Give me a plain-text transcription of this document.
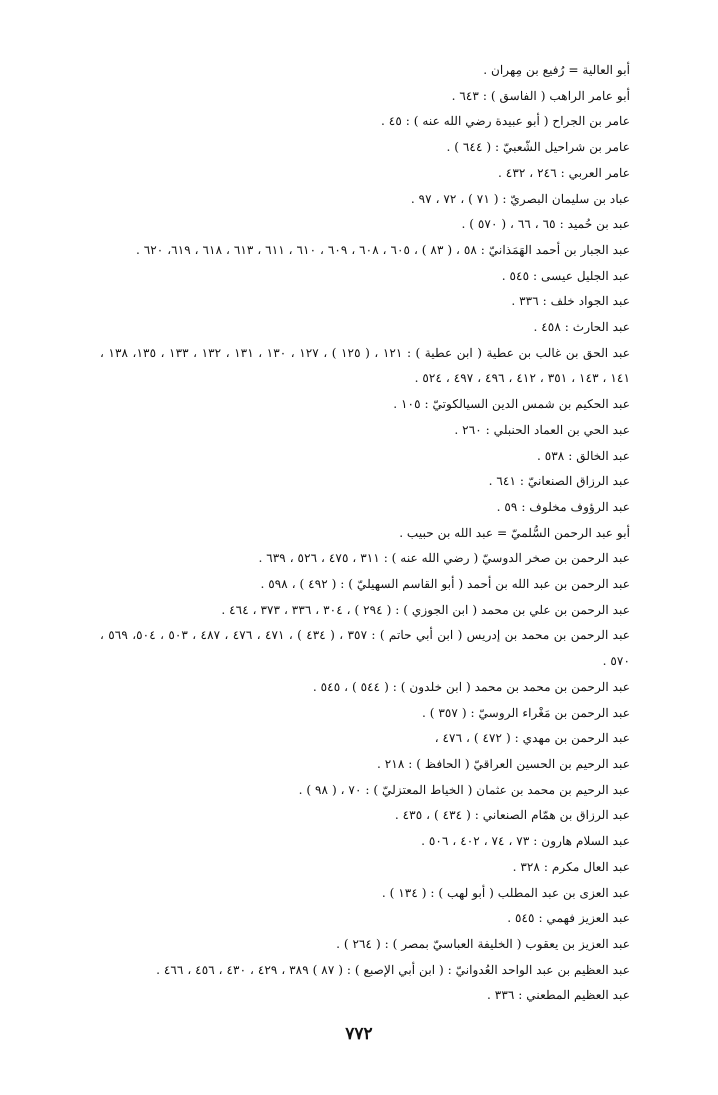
أبو العالية = رُفيع بن مِهران .
أبو عامر الراهب ( الفاسق ) : ٦٤٣ .
عامر بن الجراح ( أبو عبيدة رضي الله عنه ) : ٤٥ .
عامر بن شراحيل الشّعبيّ : ( ٦٤٤ ) .
عامر العربي : ٢٤٦ ، ٤٣٢ .
عباد بن سليمان البصريّ : ( ٧١ ) ، ٧٢ ، ٩٧ .
عبد بن حُميد : ٦٥ ، ٦٦ ، ( ٥٧٠ ) .
عبد الجبار بن أحمد الهَمَذانيّ : ٥٨ ، ( ٨٣ ) ، ٦٠٥ ، ٦٠٨ ، ٦٠٩ ، ٦١٠ ، ٦١١ ، ٦١٣ ، ٦١٨ ، ٦١٩، ٦٢٠ .
عبد الجليل عيسى : ٥٤٥ .
عبد الجواد خلف : ٣٣٦ .
عبد الحارث : ٤٥٨ .
عبد الحق بن غالب بن عطية ( ابن عطية ) : ١٢١ ، ( ١٢٥ ) ، ١٢٧ ، ١٣٠ ، ١٣١ ، ١٣٢ ، ١٣٣ ، ١٣٥، ١٣٨ ، ١٤١ ، ١٤٣ ، ٣٥١ ، ٤١٢ ، ٤٩٦ ، ٤٩٧ ، ٥٢٤ .
عبد الحكيم بن شمس الدين السيالكوتيّ : ١٠٥ .
عبد الحي بن العماد الحنبلي : ٢٦٠ .
عبد الخالق : ٥٣٨ .
عبد الرزاق الصنعانيّ : ٦٤١ .
عبد الرؤوف مخلوف : ٥٩ .
أبو عبد الرحمن السُّلميّ = عبد الله بن حبيب .
عبد الرحمن بن صخر الدوسيّ ( رضي الله عنه ) : ٣١١ ، ٤٧٥ ، ٥٢٦ ، ٦٣٩ .
عبد الرحمن بن عبد الله بن أحمد ( أبو القاسم السهيليّ ) : ( ٤٩٢ ) ، ٥٩٨ .
عبد الرحمن بن علي بن محمد ( ابن الجوزي ) : ( ٢٩٤ ) ، ٣٠٤ ، ٣٣٦ ، ٣٧٣ ، ٤٦٤ .
عبد الرحمن بن محمد بن إدريس ( ابن أبي حاتم ) : ٣٥٧ ، ( ٤٣٤ ) ، ٤٧١ ، ٤٧٦ ، ٤٨٧ ، ٥٠٣ ، ٥٠٤، ٥٦٩ ، ٥٧٠ .
عبد الرحمن بن محمد بن محمد ( ابن خلدون ) : ( ٥٤٤ ) ، ٥٤٥ .
عبد الرحمن بن مَغْراء الروسيّ : ( ٣٥٧ ) .
عبد الرحمن بن مهدي : ( ٤٧٢ ) ، ٤٧٦ ،
عبد الرحيم بن الحسين العراقيّ ( الحافظ ) : ٢١٨ .
عبد الرحيم بن محمد بن عثمان ( الخياط المعتزليّ ) : ٧٠ ، ( ٩٨ ) .
عبد الرزاق بن همّام الصنعاني : ( ٤٣٤ ) ، ٤٣٥ .
عبد السلام هارون : ٧٣ ، ٧٤ ، ٤٠٢ ، ٥٠٦ .
عبد العال مكرم : ٣٢٨ .
عبد العزى بن عبد المطلب ( أبو لهب ) : ( ١٣٤ ) .
عبد العزيز فهمي : ٥٤٥ .
عبد العزيز بن يعقوب ( الخليفة العباسيّ بمصر ) : ( ٢٦٤ ) .
عبد العظيم بن عبد الواحد العُدوانيّ : ( ابن أبي الإصبع ) : ( ٨٧ ) ٣٨٩ ، ٤٢٩ ، ٤٣٠ ، ٤٥٦ ، ٤٦٦ .
عبد العظيم المطعني : ٣٣٦ .
٧٧٢
